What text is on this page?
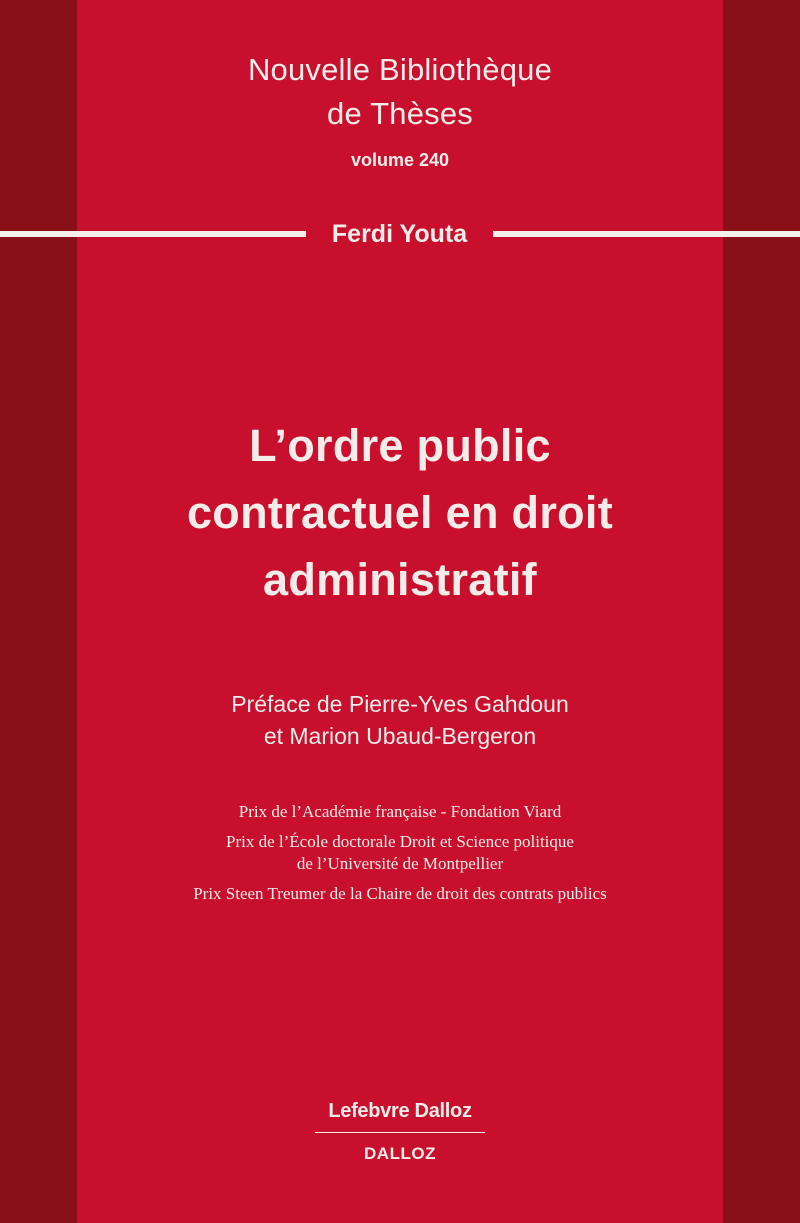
Nouvelle Bibliothèque
de Thèses
volume 240
Ferdi Youta
L’ordre public
contractuel en droit
administratif
Préface de Pierre-Yves Gahdoun
et Marion Ubaud-Bergeron
Prix de l’Académie française - Fondation Viard
Prix de l’École doctorale Droit et Science politique
de l’Université de Montpellier
Prix Steen Treumer de la Chaire de droit des contrats publics
Lefebvre Dalloz
DALLOZ
